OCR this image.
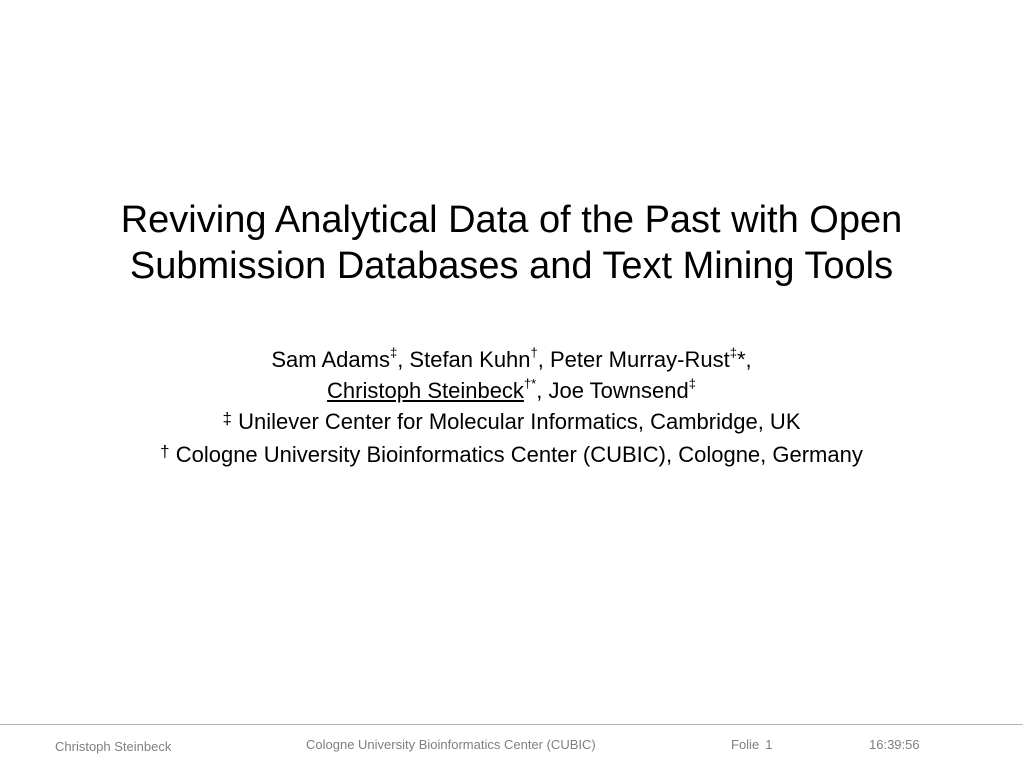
Reviving Analytical Data of the Past with Open
Submission Databases and Text Mining Tools
Sam Adams‡, Stefan Kuhn†, Peter Murray-Rust‡*,
Christoph Steinbeck†*, Joe Townsend‡
‡ Unilever Center for Molecular Informatics, Cambridge, UK
† Cologne University Bioinformatics Center (CUBIC), Cologne, Germany
Christoph Steinbeck	Cologne University Bioinformatics Center (CUBIC)	Folie 1	16:39:56
